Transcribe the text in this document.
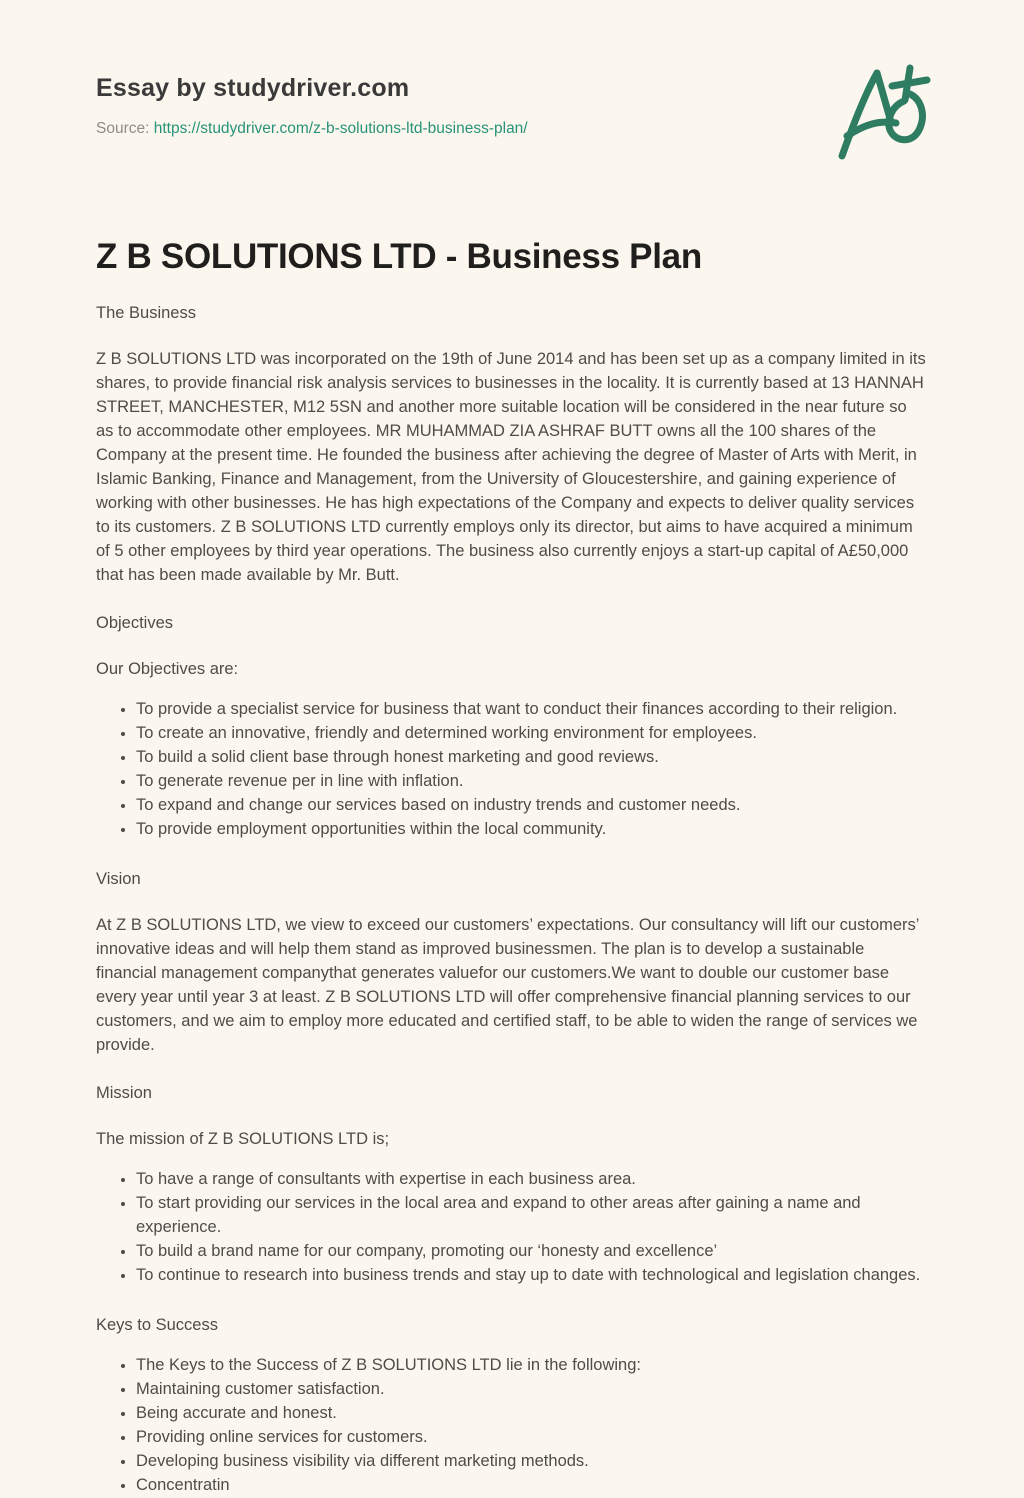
Essay by studydriver.com
Source: https://studydriver.com/z-b-solutions-ltd-business-plan/
Z B SOLUTIONS LTD - Business Plan
The Business

Z B SOLUTIONS LTD was incorporated on the 19th of June 2014 and has been set up as a company limited in its shares, to provide financial risk analysis services to businesses in the locality. It is currently based at 13 HANNAH STREET, MANCHESTER, M12 5SN and another more suitable location will be considered in the near future so as to accommodate other employees. MR MUHAMMAD ZIA ASHRAF BUTT owns all the 100 shares of the Company at the present time. He founded the business after achieving the degree of Master of Arts with Merit, in Islamic Banking, Finance and Management, from the University of Gloucestershire, and gaining experience of working with other businesses. He has high expectations of the Company and expects to deliver quality services to its customers. Z B SOLUTIONS LTD currently employs only its director, but aims to have acquired a minimum of 5 other employees by third year operations. The business also currently enjoys a start-up capital of A£50,000 that has been made available by Mr. Butt.

Objectives

Our Objectives are:

• To provide a specialist service for business that want to conduct their finances according to their religion.
• To create an innovative, friendly and determined working environment for employees.
• To build a solid client base through honest marketing and good reviews.
• To generate revenue per in line with inflation.
• To expand and change our services based on industry trends and customer needs.
• To provide employment opportunities within the local community.
Vision

At Z B SOLUTIONS LTD, we view to exceed our customers’ expectations. Our consultancy will lift our customers’ innovative ideas and will help them stand as improved businessmen. The plan is to develop a sustainable financial management companythat generates valuefor our customers.We want to double our customer base every year until year 3 at least. Z B SOLUTIONS LTD will offer comprehensive financial planning services to our customers, and we aim to employ more educated and certified staff, to be able to widen the range of services we provide.

Mission

The mission of Z B SOLUTIONS LTD is;

• To have a range of consultants with expertise in each business area.
• To start providing our services in the local area and expand to other areas after gaining a name and experience.
• To build a brand name for our company, promoting our ‘honesty and excellence’
• To continue to research into business trends and stay up to date with technological and legislation changes.
Keys to Success
• The Keys to the Success of Z B SOLUTIONS LTD lie in the following:
• Maintaining customer satisfaction.
• Being accurate and honest.
• Providing online services for customers.
• Developing business visibility via different marketing methods.
• Concentratin
